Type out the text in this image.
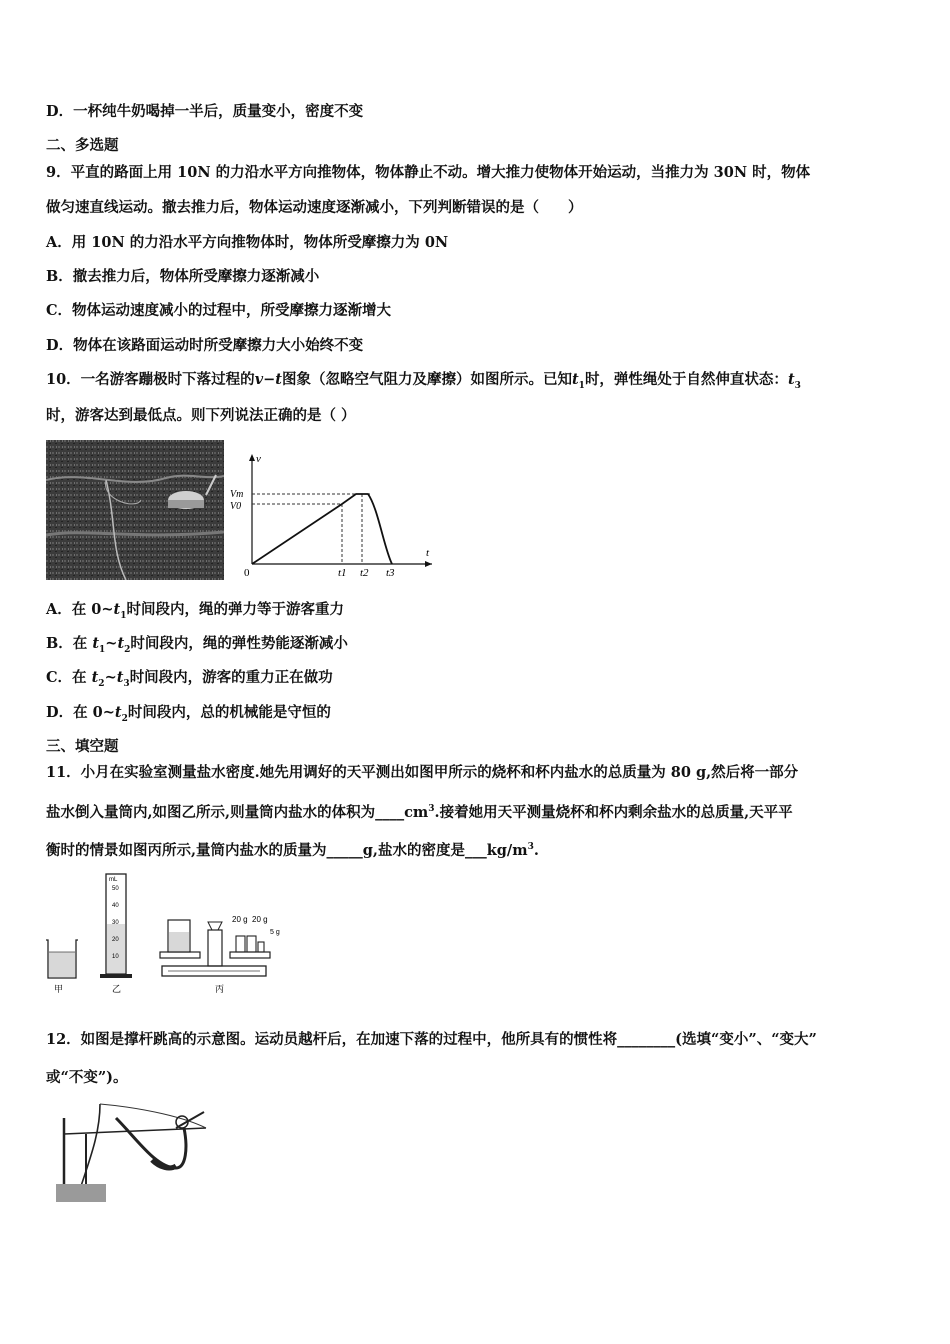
D．一杯纯牛奶喝掉一半后，质量变小，密度不变
二、多选题
9．平直的路面上用 10N 的力沿水平方向推物体，物体静止不动。增大推力使物体开始运动，当推力为 30N 时，物体
做匀速直线运动。撤去推力后，物体运动速度逐渐减小，下列判断错误的是（　　）
A．用 10N 的力沿水平方向推物体时，物体所受摩擦力为 0N
B．撤去推力后，物体所受摩擦力逐渐减小
C．物体运动速度减小的过程中，所受摩擦力逐渐增大
D．物体在该路面运动时所受摩擦力大小始终不变
10．一名游客蹦极时下落过程的v−t图象（忽略空气阻力及摩擦）如图所示。已知$t_1$时，弹性绳处于自然伸直状态：$t_3$
时，游客达到最低点。则下列说法正确的是（ ）
v
t
0
Vm
V0
t1 t2 t3
A．在 $0\sim t_1$时间段内，绳的弹力等于游客重力
B．在 $t_1\sim t_2$时间段内，绳的弹性势能逐渐减小
C．在 $t_2\sim t_3$时间段内，游客的重力正在做功
D．在 $0\sim t_2$时间段内，总的机械能是守恒的
三、填空题
11．小月在实验室测量盐水密度.她先用调好的天平测出如图甲所示的烧杯和杯内盐水的总质量为 80 g,然后将一部分
盐水倒入量筒内,如图乙所示,则量筒内盐水的体积为$\_\_\_\_cm^3$.接着她用天平测量烧杯和杯内剩余盐水的总质量,天平平
衡时的情景如图丙所示,量筒内盐水的质量为_____g,盐水的密度是$\_\_\_kg/m^3$.
甲
mL
50
40
30
20
10
乙
20 g 20 g
5 g
丙
12．如图是撑杆跳高的示意图。运动员越杆后，在加速下落的过程中，他所具有的惯性将________(选填“变小”、“变大”
或“不变”)。
